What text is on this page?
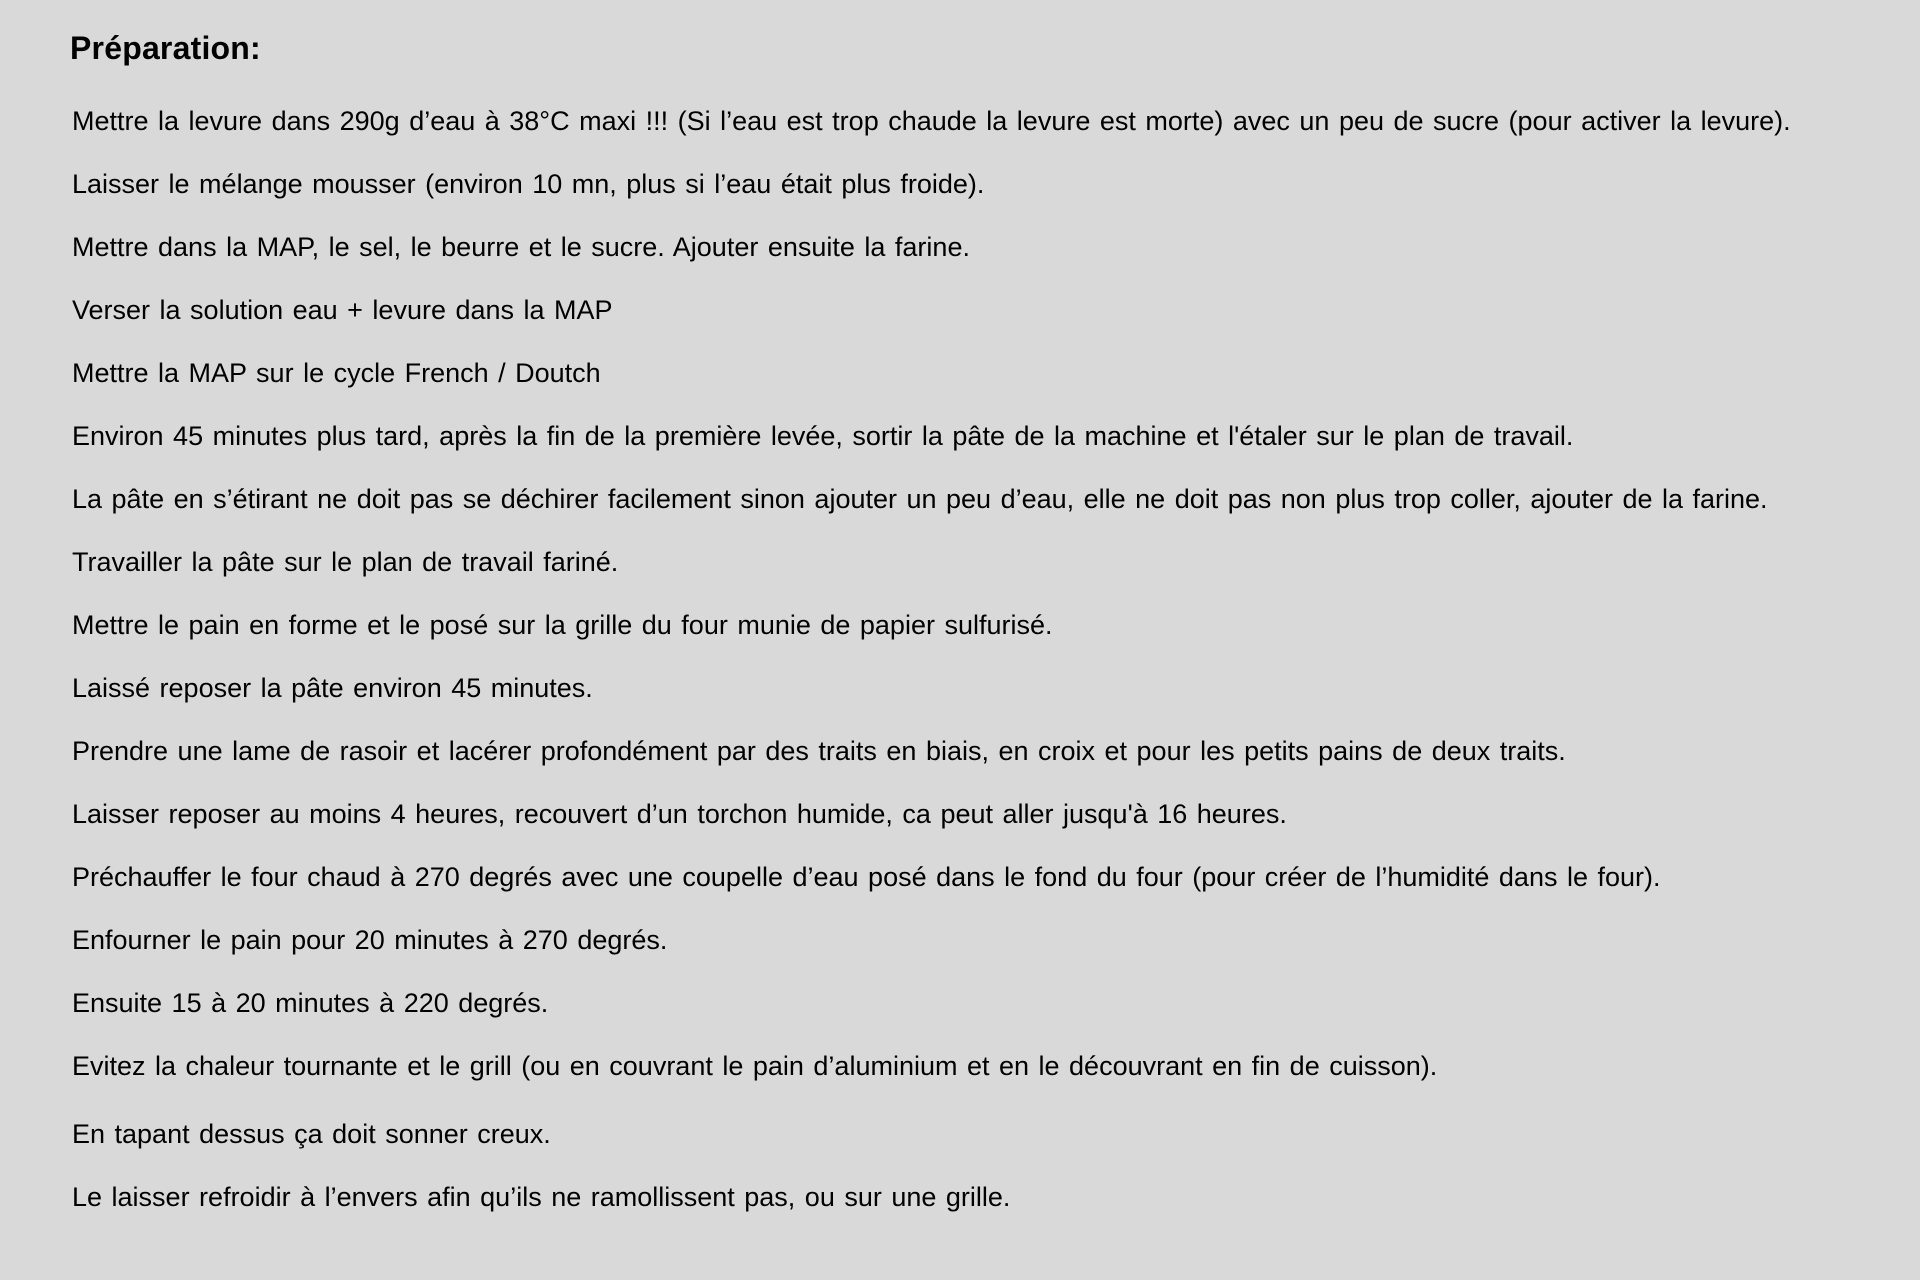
Préparation:
Mettre la levure dans 290g d’eau à 38°C maxi !!! (Si l’eau est trop chaude la levure est morte) avec un peu de sucre (pour activer la levure).
Laisser le mélange mousser (environ 10 mn, plus si l’eau était plus froide).
Mettre dans la MAP, le sel, le beurre et le sucre. Ajouter ensuite la farine.
Verser la solution eau + levure dans la MAP
Mettre la MAP sur le cycle French / Doutch
Environ 45 minutes plus tard, après la fin de la première levée, sortir la pâte de la machine et l'étaler sur le plan de travail.
La pâte en s’étirant ne doit pas se déchirer facilement sinon ajouter un peu d’eau, elle ne doit pas non plus trop coller, ajouter de la farine.
Travailler la pâte sur le plan de travail fariné.
Mettre le pain en forme et le posé sur la grille du four munie de papier sulfurisé.
Laissé reposer la pâte environ 45 minutes.
Prendre une lame de rasoir et lacérer profondément par des traits en biais, en croix et pour les petits pains de deux traits.
Laisser reposer au moins 4 heures, recouvert d’un torchon humide, ca peut aller jusqu'à 16 heures.
Préchauffer le four chaud à 270 degrés avec une coupelle d’eau posé dans le fond du four (pour créer de l’humidité dans le four).
Enfourner le pain pour 20 minutes à 270 degrés.
Ensuite 15 à 20 minutes à 220 degrés.
Evitez la chaleur tournante et le grill (ou en couvrant le pain d’aluminium et en le découvrant en fin de cuisson).
En tapant dessus ça doit sonner creux.
Le laisser refroidir à l’envers afin qu’ils ne ramollissent pas, ou sur une grille.
